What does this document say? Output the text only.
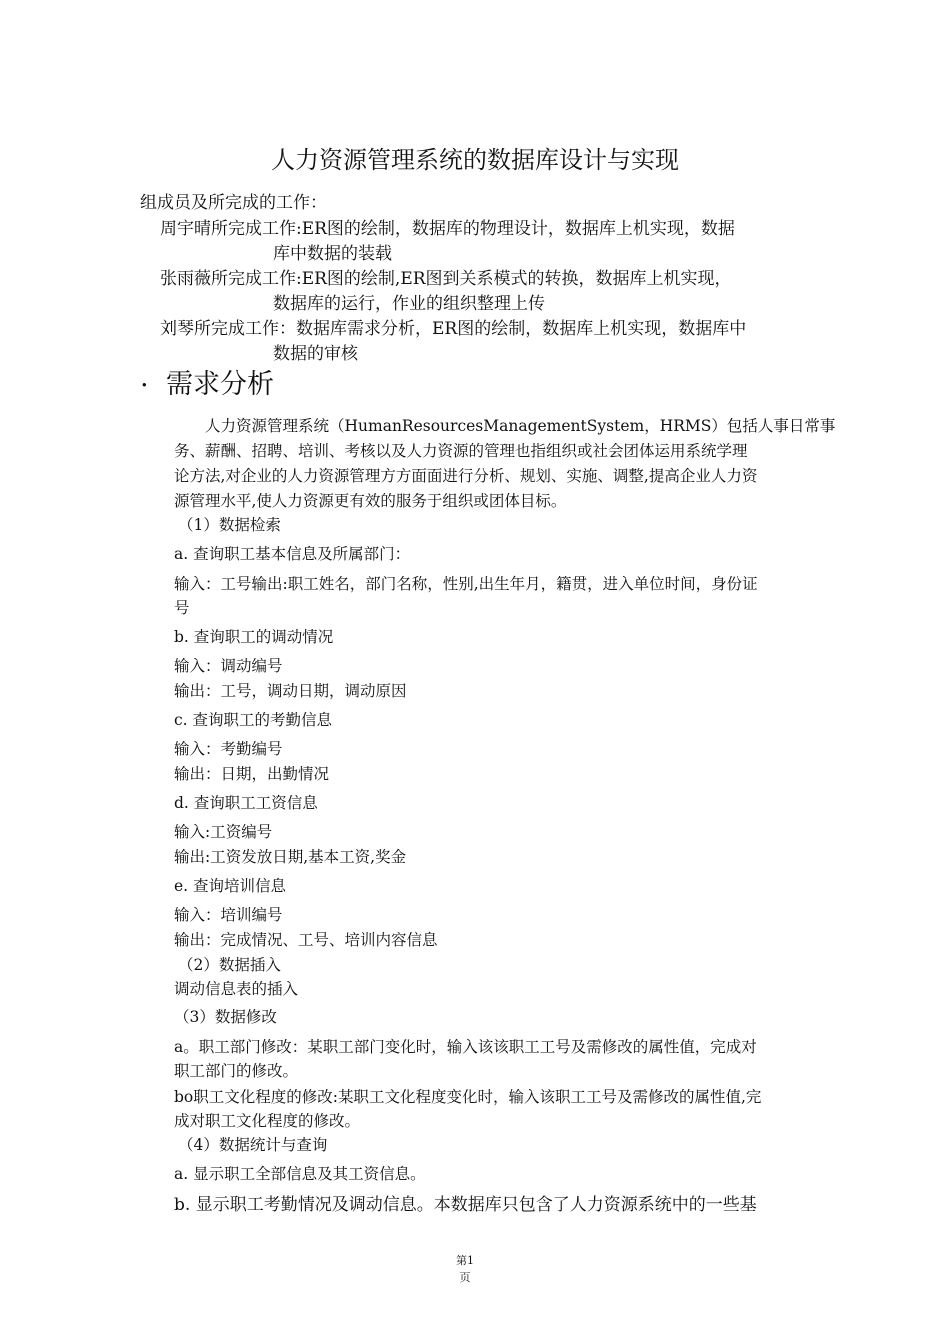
人力资源管理系统的数据库设计与实现
组成员及所完成的工作：
周宇晴所完成工作:ER图的绘制，数据库的物理设计，数据库上机实现，数据
库中数据的装载
张雨薇所完成工作:ER图的绘制,ER图到关系模式的转换，数据库上机实现，
数据库的运行，作业的组织整理上传
刘琴所完成工作：数据库需求分析，ER图的绘制，数据库上机实现，数据库中
数据的审核
. 需求分析
人力资源管理系统（HumanResourcesManagementSystem，HRMS）包括人事日常事
务、薪酬、招聘、培训、考核以及人力资源的管理也指组织或社会团体运用系统学理
论方法,对企业的人力资源管理方方面面进行分析、规划、实施、调整,提高企业人力资
源管理水平,使人力资源更有效的服务于组织或团体目标。
（1）数据检索
a. 查询职工基本信息及所属部门：
输入：工号输出:职工姓名，部门名称，性别,出生年月，籍贯，进入单位时间，身份证
号
b. 查询职工的调动情况
输入：调动编号
输出：工号，调动日期，调动原因
c. 查询职工的考勤信息
输入：考勤编号
输出：日期，出勤情况
d. 查询职工工资信息
输入:工资编号
输出:工资发放日期,基本工资,奖金
e. 查询培训信息
输入：培训编号
输出：完成情况、工号、培训内容信息
（2）数据插入
调动信息表的插入
（3）数据修改
a。职工部门修改：某职工部门变化时，输入该该职工工号及需修改的属性值，完成对
职工部门的修改。
bo职工文化程度的修改:某职工文化程度变化时，输入该职工工号及需修改的属性值,完
成对职工文化程度的修改。
（4）数据统计与查询
a. 显示职工全部信息及其工资信息。
b. 显示职工考勤情况及调动信息。本数据库只包含了人力资源系统中的一些基
第1
页
